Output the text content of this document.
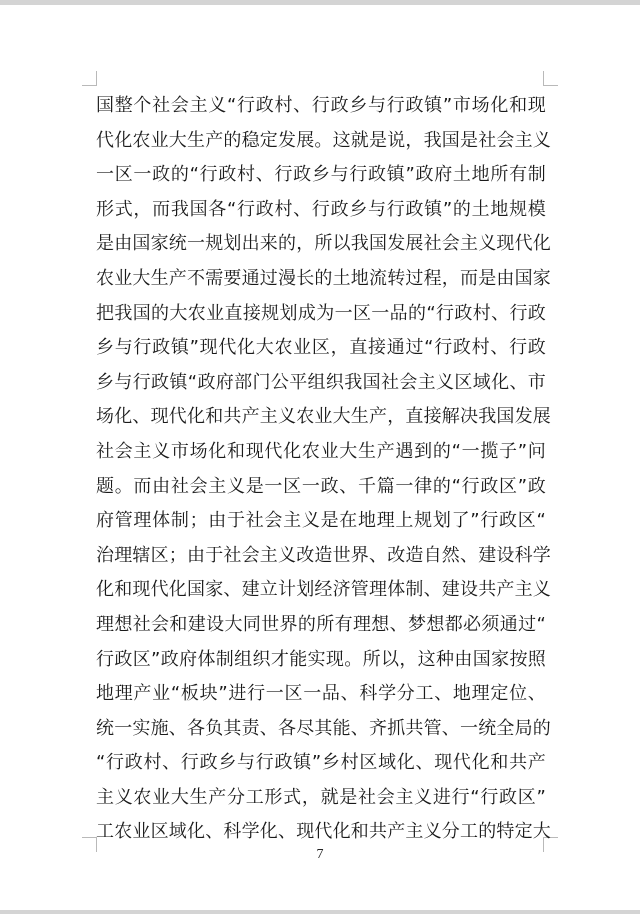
国整个社会主义“行政村、行政乡与行政镇”市场化和现
代化农业大生产的稳定发展。这就是说，我国是社会主义
一区一政的“行政村、行政乡与行政镇”政府土地所有制
形式，而我国各“行政村、行政乡与行政镇”的土地规模
是由国家统一规划出来的，所以我国发展社会主义现代化
农业大生产不需要通过漫长的土地流转过程，而是由国家
把我国的大农业直接规划成为一区一品的“行政村、行政
乡与行政镇”现代化大农业区，直接通过“行政村、行政
乡与行政镇“政府部门公平组织我国社会主义区域化、市
场化、现代化和共产主义农业大生产，直接解决我国发展
社会主义市场化和现代化农业大生产遇到的“一揽子”问
题。而由社会主义是一区一政、千篇一律的“行政区”政
府管理体制；由于社会主义是在地理上规划了”行政区“
治理辖区；由于社会主义改造世界、改造自然、建设科学
化和现代化国家、建立计划经济管理体制、建设共产主义
理想社会和建设大同世界的所有理想、梦想都必须通过“
行政区”政府体制组织才能实现。所以，这种由国家按照
地理产业“板块”进行一区一品、科学分工、地理定位、
统一实施、各负其责、各尽其能、齐抓共管、一统全局的
“行政村、行政乡与行政镇”乡村区域化、现代化和共产
主义农业大生产分工形式，就是社会主义进行“行政区”
工农业区域化、科学化、现代化和共产主义分工的特定大
7
